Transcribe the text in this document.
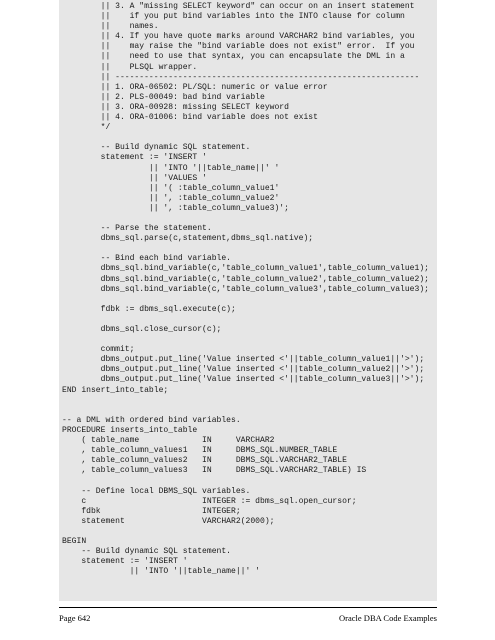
|| 3. A "missing SELECT keyword" can occur on an insert statement
||    if you put bind variables into the INTO clause for column
||    names.
|| 4. If you have quote marks around VARCHAR2 bind variables, you
||    may raise the "bind variable does not exist" error.  If you
||    need to use that syntax, you can encapsulate the DML in a
||    PLSQL wrapper.
|| ---------------------------------------------------------------
|| 1. ORA-06502: PL/SQL: numeric or value error
|| 2. PLS-00049: bad bind variable
|| 3. ORA-00928: missing SELECT keyword
|| 4. ORA-01006: bind variable does not exist
*/
-- Build dynamic SQL statement.
statement := 'INSERT '
|| 'INTO '||table_name||' '
|| 'VALUES '
|| '( :table_column_value1'
|| ', :table_column_value2'
|| ', :table_column_value3)';
-- Parse the statement.
dbms_sql.parse(c,statement,dbms_sql.native);
-- Bind each bind variable.
dbms_sql.bind_variable(c,'table_column_value1',table_column_value1);
dbms_sql.bind_variable(c,'table_column_value2',table_column_value2);
dbms_sql.bind_variable(c,'table_column_value3',table_column_value3);
fdbk := dbms_sql.execute(c);
dbms_sql.close_cursor(c);
commit;
dbms_output.put_line('Value inserted <'||table_column_value1||'>');
dbms_output.put_line('Value inserted <'||table_column_value2||'>');
dbms_output.put_line('Value inserted <'||table_column_value3||'>');
END insert_into_table;
-- a DML with ordered bind variables.
PROCEDURE inserts_into_table
( table_name             IN     VARCHAR2
, table_column_values1   IN     DBMS_SQL.NUMBER_TABLE
, table_column_values2   IN     DBMS_SQL.VARCHAR2_TABLE
, table_column_values3   IN     DBMS_SQL.VARCHAR2_TABLE) IS
-- Define local DBMS_SQL variables.
c                        INTEGER := dbms_sql.open_cursor;
fdbk                     INTEGER;
statement                VARCHAR2(2000);
BEGIN
-- Build dynamic SQL statement.
statement := 'INSERT '
|| 'INTO '||table_name||' '
Page 642	Oracle DBA Code Examples
